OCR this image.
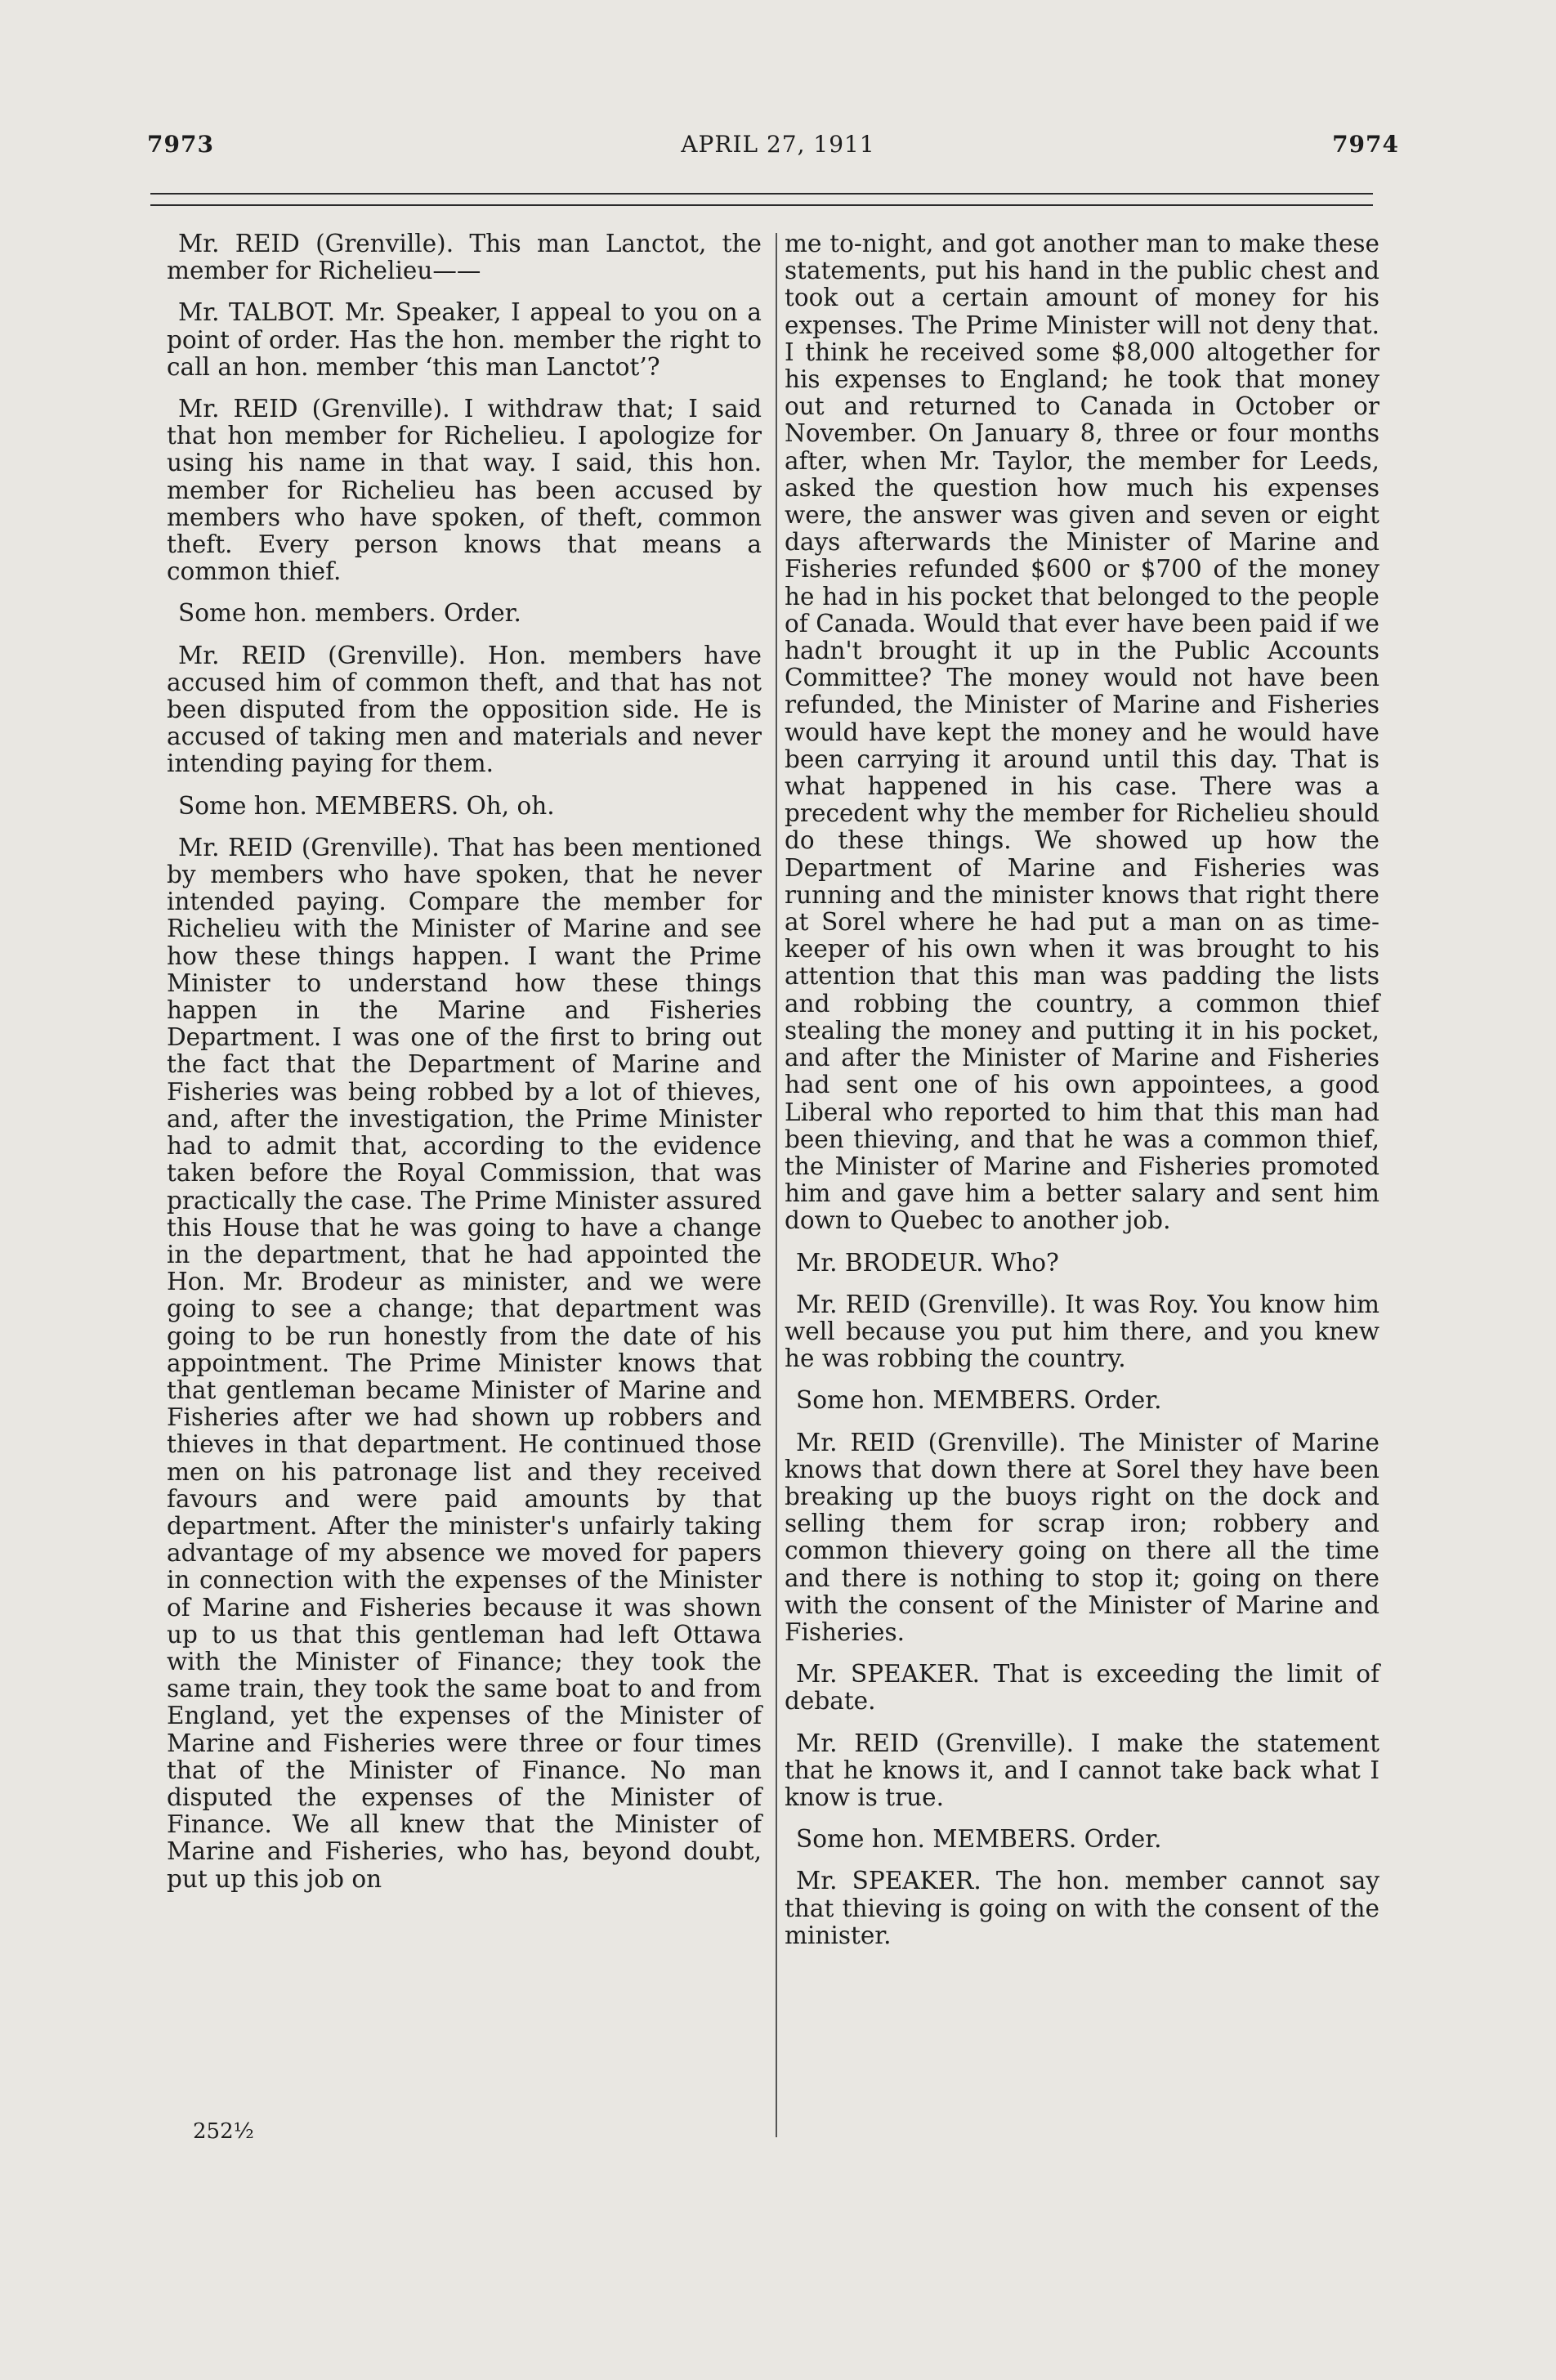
7973	APRIL 27, 1911	7974

Mr. REID (Grenville). This man Lanctot, the member for Richelieu——

Mr. TALBOT. Mr. Speaker, I appeal to you on a point of order. Has the hon. member the right to call an hon. member ‘this man Lanctot’?

Mr. REID (Grenville). I withdraw that; I said that hon member for Richelieu. I apologize for using his name in that way. I said, this hon. member for Richelieu has been accused by members who have spoken, of theft, common theft. Every person knows that means a common thief.

Some hon. members. Order.

Mr. REID (Grenville). Hon. members have accused him of common theft, and that has not been disputed from the opposition side. He is accused of taking men and materials and never intending paying for them.

Some hon. MEMBERS. Oh, oh.

Mr. REID (Grenville). That has been mentioned by members who have spoken, that he never intended paying. Compare the member for Richelieu with the Minister of Marine and see how these things happen. I want the Prime Minister to understand how these things happen in the Marine and Fisheries Department. I was one of the first to bring out the fact that the Department of Marine and Fisheries was being robbed by a lot of thieves, and, after the investigation, the Prime Minister had to admit that, according to the evidence taken before the Royal Commission, that was practically the case. The Prime Minister assured this House that he was going to have a change in the department, that he had appointed the Hon. Mr. Brodeur as minister, and we were going to see a change; that department was going to be run honestly from the date of his appointment. The Prime Minister knows that that gentleman became Minister of Marine and Fisheries after we had shown up robbers and thieves in that department. He continued those men on his patronage list and they received favours and were paid amounts by that department. After the minister's unfairly taking advantage of my absence we moved for papers in connection with the expenses of the Minister of Marine and Fisheries because it was shown up to us that this gentleman had left Ottawa with the Minister of Finance; they took the same train, they took the same boat to and from England, yet the expenses of the Minister of Marine and Fisheries were three or four times that of the Minister of Finance. No man disputed the expenses of the Minister of Finance. We all knew that the Minister of Marine and Fisheries, who has, beyond doubt, put up this job on

me to-night, and got another man to make these statements, put his hand in the public chest and took out a certain amount of money for his expenses. The Prime Minister will not deny that. I think he received some $8,000 altogether for his expenses to England; he took that money out and returned to Canada in October or November. On January 8, three or four months after, when Mr. Taylor, the member for Leeds, asked the question how much his expenses were, the answer was given and seven or eight days afterwards the Minister of Marine and Fisheries refunded $600 or $700 of the money he had in his pocket that belonged to the people of Canada. Would that ever have been paid if we hadn't brought it up in the Public Accounts Committee? The money would not have been refunded, the Minister of Marine and Fisheries would have kept the money and he would have been carrying it around until this day. That is what happened in his case. There was a precedent why the member for Richelieu should do these things. We showed up how the Department of Marine and Fisheries was running and the minister knows that right there at Sorel where he had put a man on as time-keeper of his own when it was brought to his attention that this man was padding the lists and robbing the country, a common thief stealing the money and putting it in his pocket, and after the Minister of Marine and Fisheries had sent one of his own appointees, a good Liberal who reported to him that this man had been thieving, and that he was a common thief, the Minister of Marine and Fisheries promoted him and gave him a better salary and sent him down to Quebec to another job.

Mr. BRODEUR. Who?

Mr. REID (Grenville). It was Roy. You know him well because you put him there, and you knew he was robbing the country.

Some hon. MEMBERS. Order.

Mr. REID (Grenville). The Minister of Marine knows that down there at Sorel they have been breaking up the buoys right on the dock and selling them for scrap iron; robbery and common thievery going on there all the time and there is nothing to stop it; going on there with the consent of the Minister of Marine and Fisheries.

Mr. SPEAKER. That is exceeding the limit of debate.

Mr. REID (Grenville). I make the statement that he knows it, and I cannot take back what I know is true.

Some hon. MEMBERS. Order.

Mr. SPEAKER. The hon. member cannot say that thieving is going on with the consent of the minister.

252½
